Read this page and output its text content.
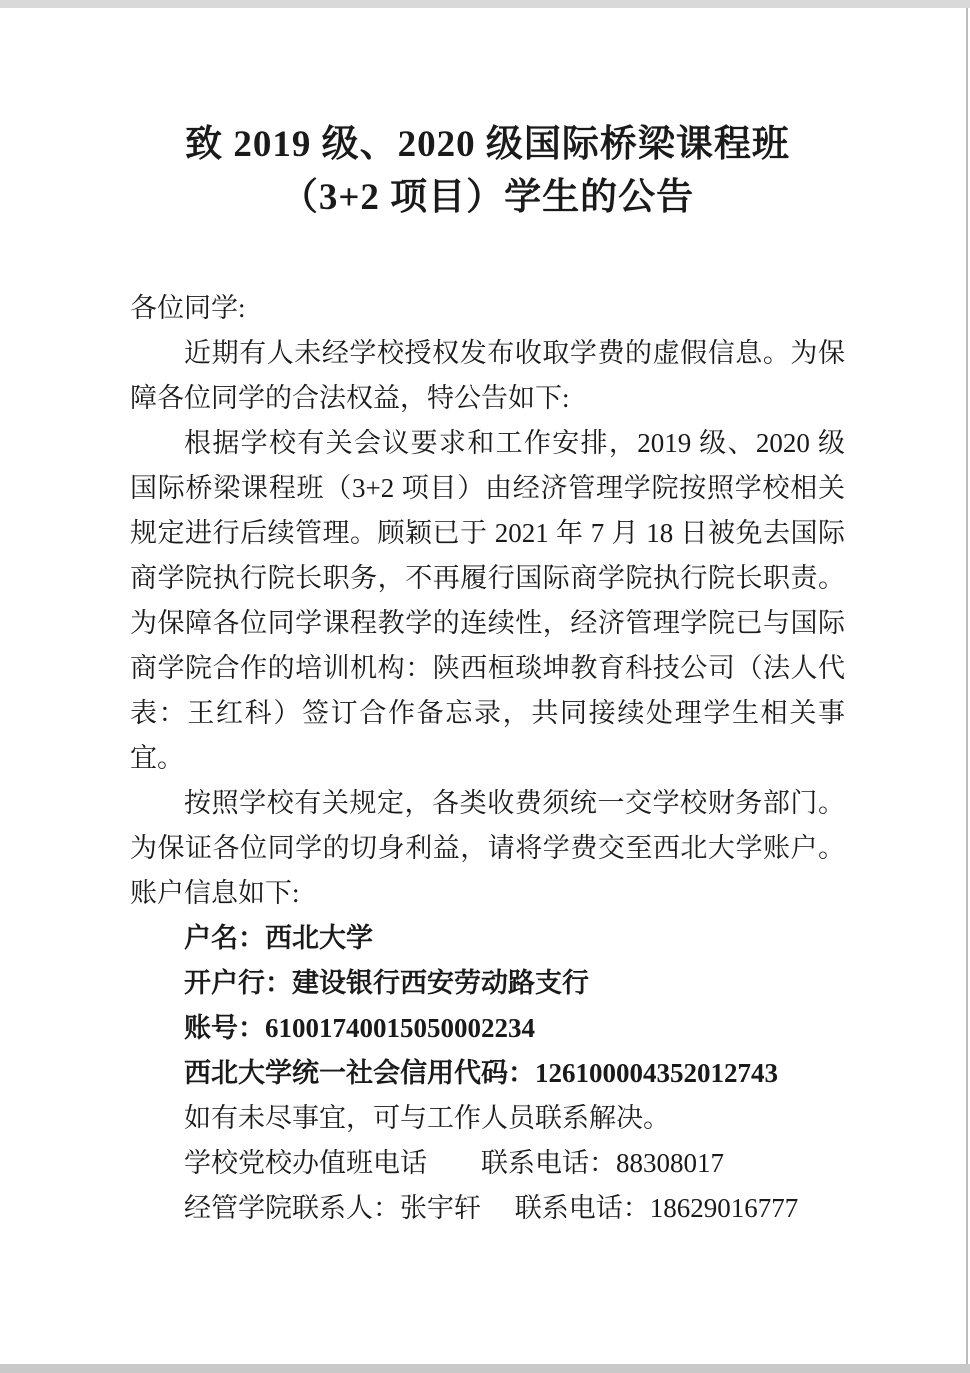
致 2019 级、2020 级国际桥梁课程班
（3+2 项目）学生的公告

各位同学:

近期有人未经学校授权发布收取学费的虚假信息。为保障各位同学的合法权益，特公告如下:

根据学校有关会议要求和工作安排，2019 级、2020 级国际桥梁课程班（3+2 项目）由经济管理学院按照学校相关规定进行后续管理。顾颖已于 2021 年 7 月 18 日被免去国际商学院执行院长职务，不再履行国际商学院执行院长职责。为保障各位同学课程教学的连续性，经济管理学院已与国际商学院合作的培训机构：陕西桓琰坤教育科技公司（法人代表：王红科）签订合作备忘录，共同接续处理学生相关事宜。

按照学校有关规定，各类收费须统一交学校财务部门。为保证各位同学的切身利益，请将学费交至西北大学账户。账户信息如下:

户名：西北大学
开户行：建设银行西安劳动路支行
账号：61001740015050002234
西北大学统一社会信用代码：126100004352012743
如有未尽事宜，可与工作人员联系解决。
学校党校办值班电话　　联系电话：88308017
经管学院联系人：张宇轩　 联系电话：18629016777
